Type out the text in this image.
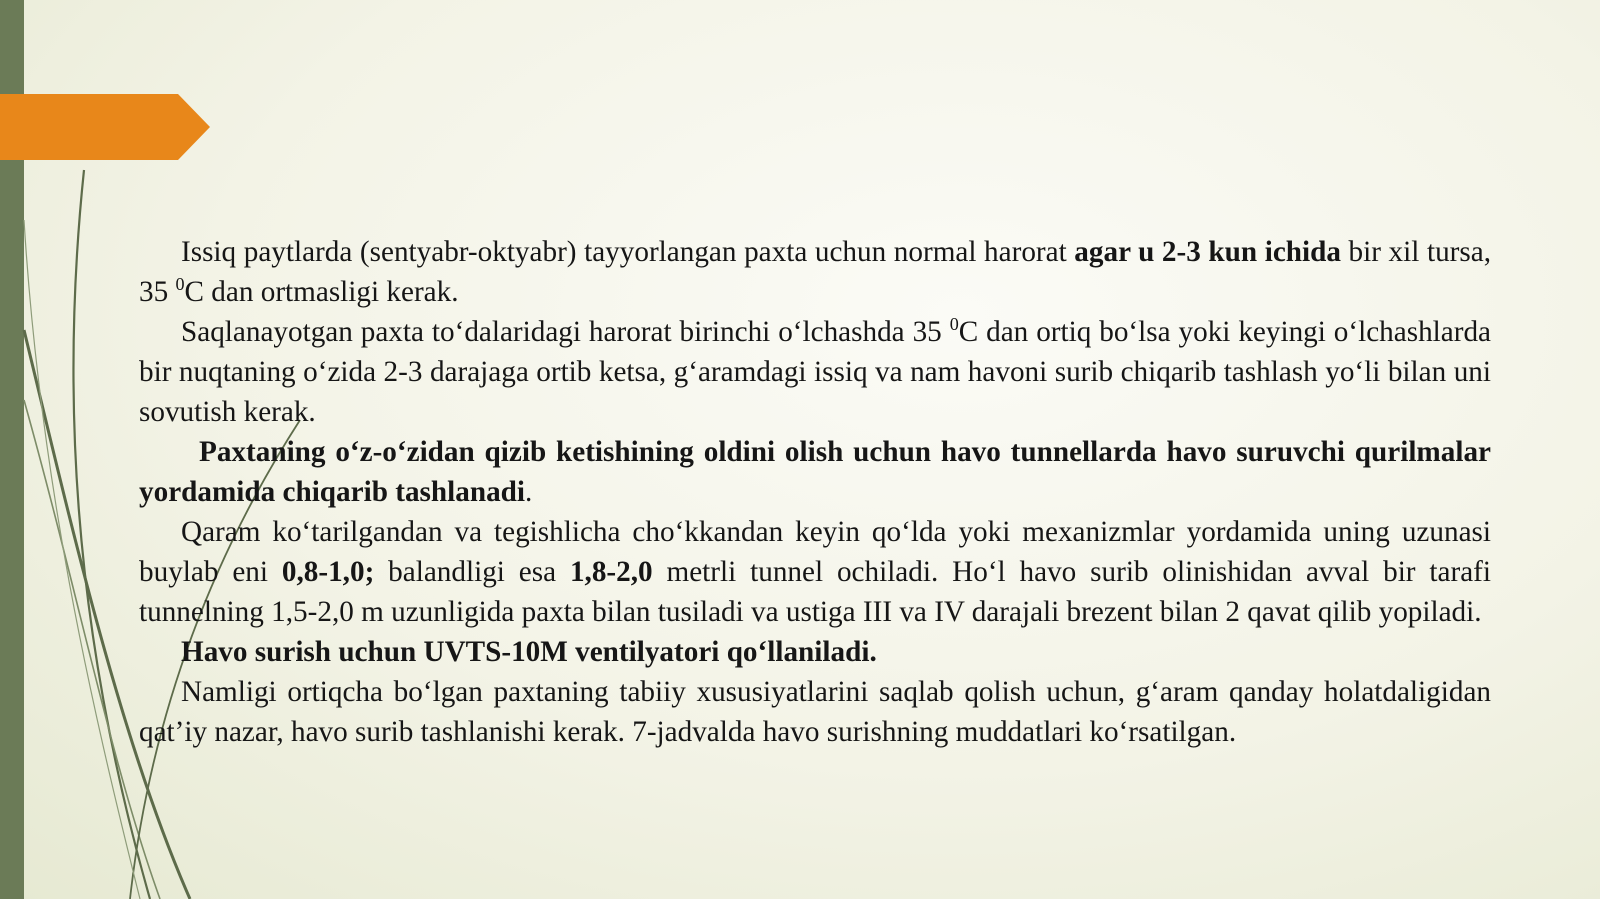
Issiq paytlarda (sentyabr-oktyabr) tayyorlangan paxta uchun normal harorat agar u 2-3 kun ichida bir xil tursa, 35 $^0$C dan ortmasligi kerak.

Saqlanayotgan paxta to‘dalaridagi harorat birinchi o‘lchashda 35 $^0$C dan ortiq bo‘lsa yoki keyingi o‘lchashlarda bir nuqtaning o‘zida 2-3 darajaga ortib ketsa, g‘aramdagi issiq va nam havoni surib chiqarib tashlash yo‘li bilan uni sovutish kerak.

Paxtaning o‘z-o‘zidan qizib ketishining oldini olish uchun havo tunnellarda havo suruvchi qurilmalar yordamida chiqarib tashlanadi.

Qaram ko‘tarilgandan va tegishlicha cho‘kkandan keyin qo‘lda yoki mexanizmlar yordamida uning uzunasi buylab eni 0,8-1,0; balandligi esa 1,8-2,0 metrli tunnel ochiladi. Ho‘l havo surib olinishidan avval bir tarafi tunnelning 1,5-2,0 m uzunligida paxta bilan tusiladi va ustiga III va IV darajali brezent bilan 2 qavat qilib yopiladi.

Havo surish uchun UVTS-10M ventilyatori qo‘llaniladi.

Namligi ortiqcha bo‘lgan paxtaning tabiiy xususiyatlarini saqlab qolish uchun, g‘aram qanday holatdaligidan qat’iy nazar, havo surib tashlanishi kerak. 7-jadvalda havo surishning muddatlari ko‘rsatilgan.
